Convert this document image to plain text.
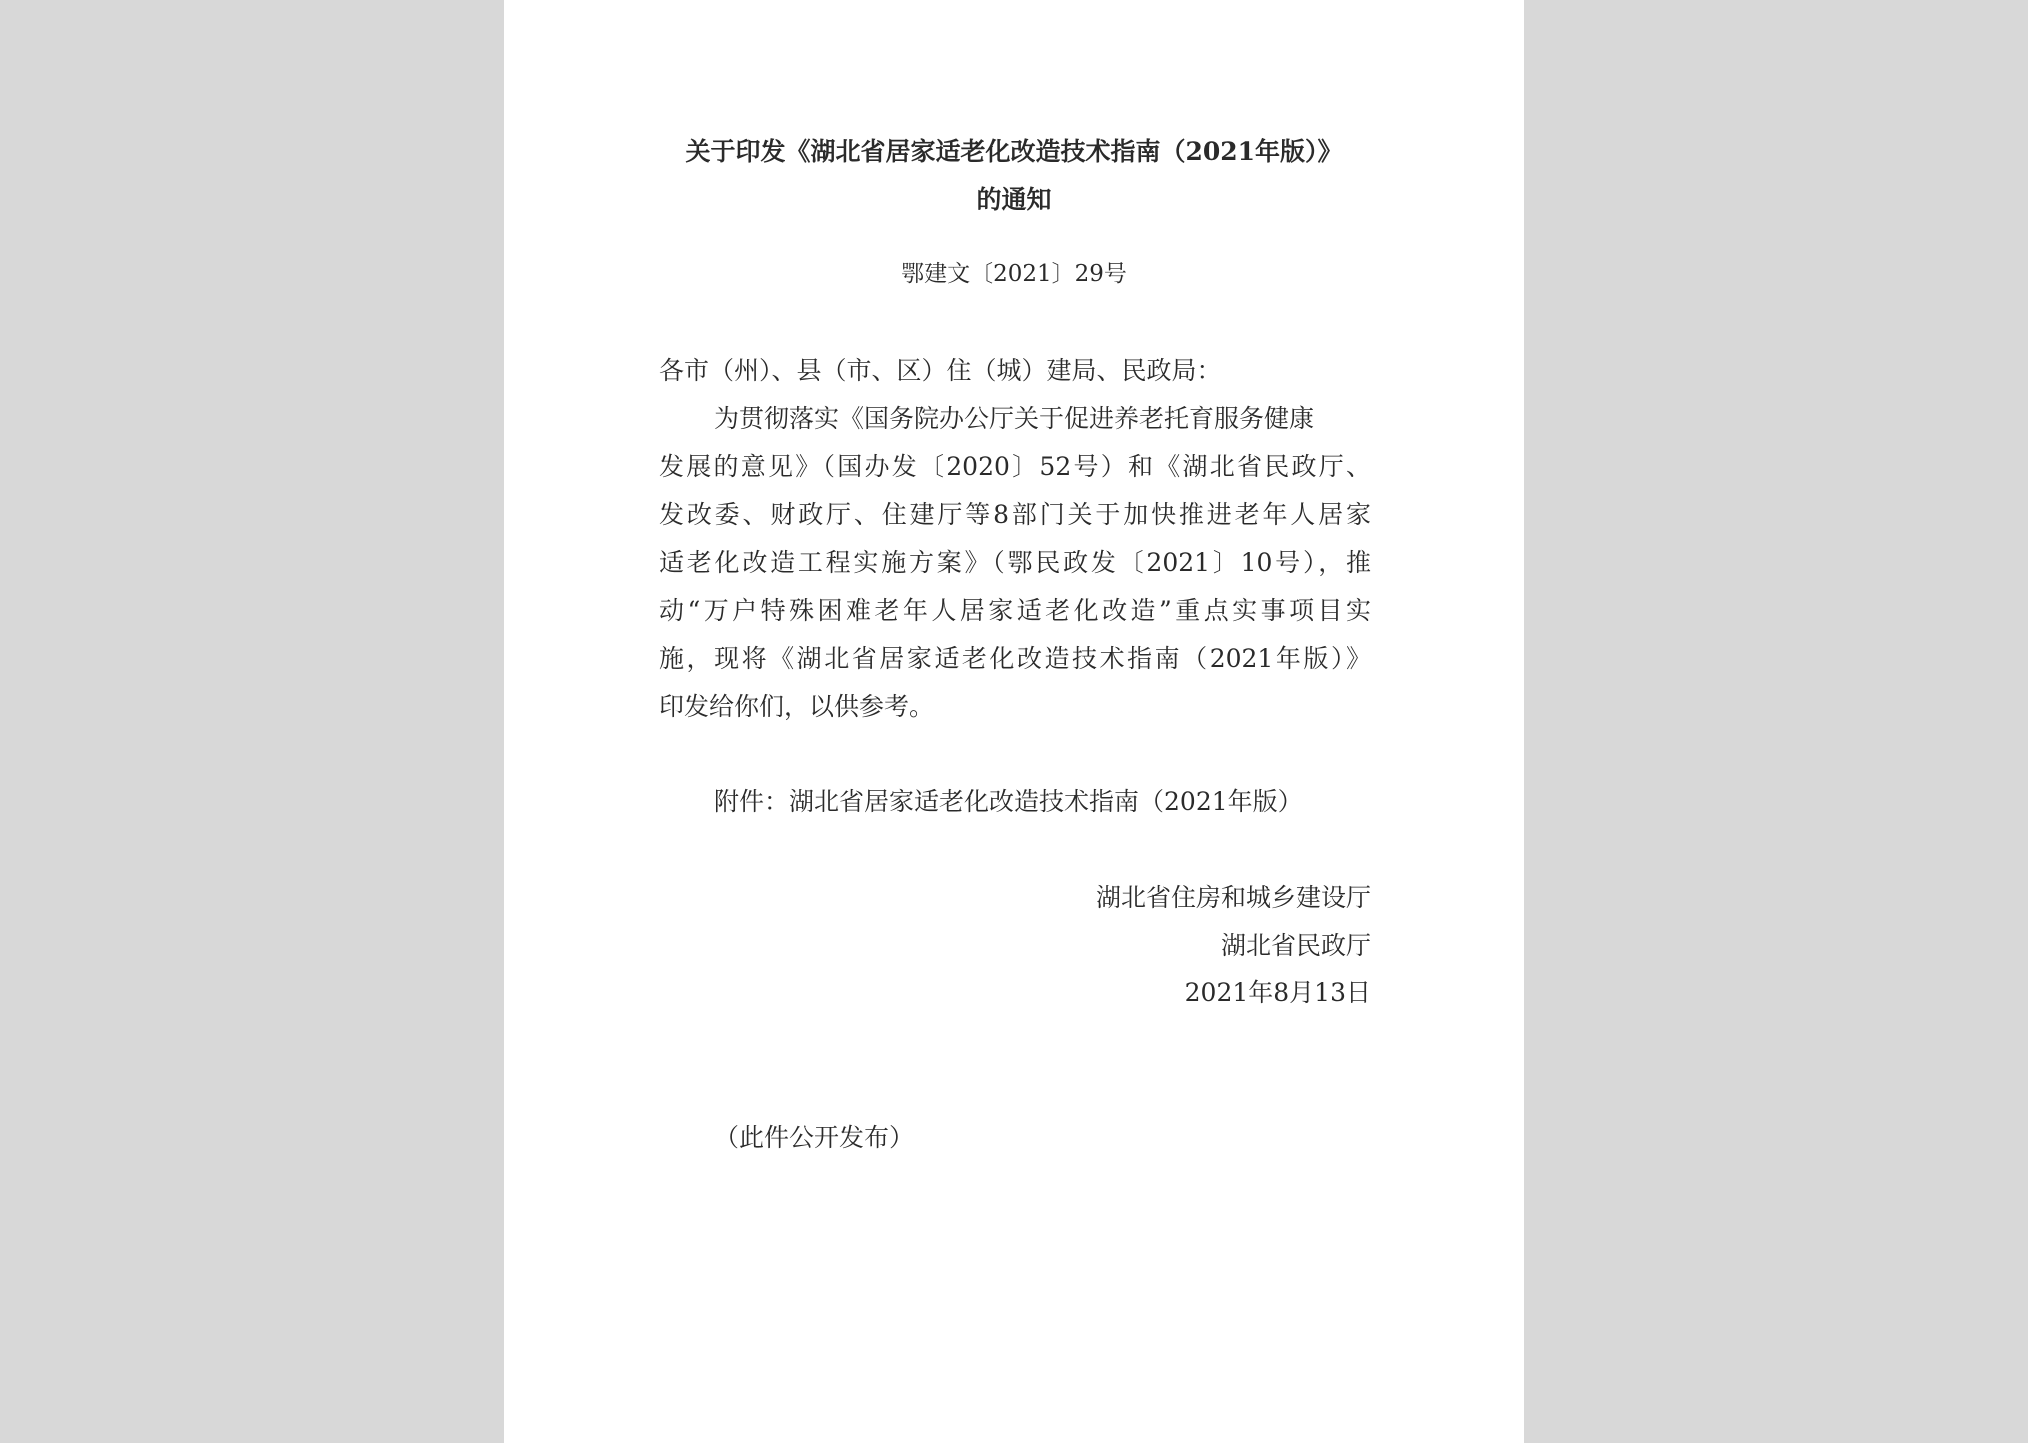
关于印发《湖北省居家适老化改造技术指南（2021年版）》
的通知
鄂建文〔2021〕29号
各市（州）、县（市、区）住（城）建局、民政局：
为贯彻落实《国务院办公厅关于促进养老托育服务健康
发展的意见》（国办发〔2020〕52号）和《湖北省民政厅、
发改委、财政厅、住建厅等8部门关于加快推进老年人居家
适老化改造工程实施方案》（鄂民政发〔2021〕10号），推
动“万户特殊困难老年人居家适老化改造”重点实事项目实
施，现将《湖北省居家适老化改造技术指南（2021年版）》
印发给你们，以供参考。
附件：湖北省居家适老化改造技术指南（2021年版）
湖北省住房和城乡建设厅
湖北省民政厅
2021年8月13日
（此件公开发布）
